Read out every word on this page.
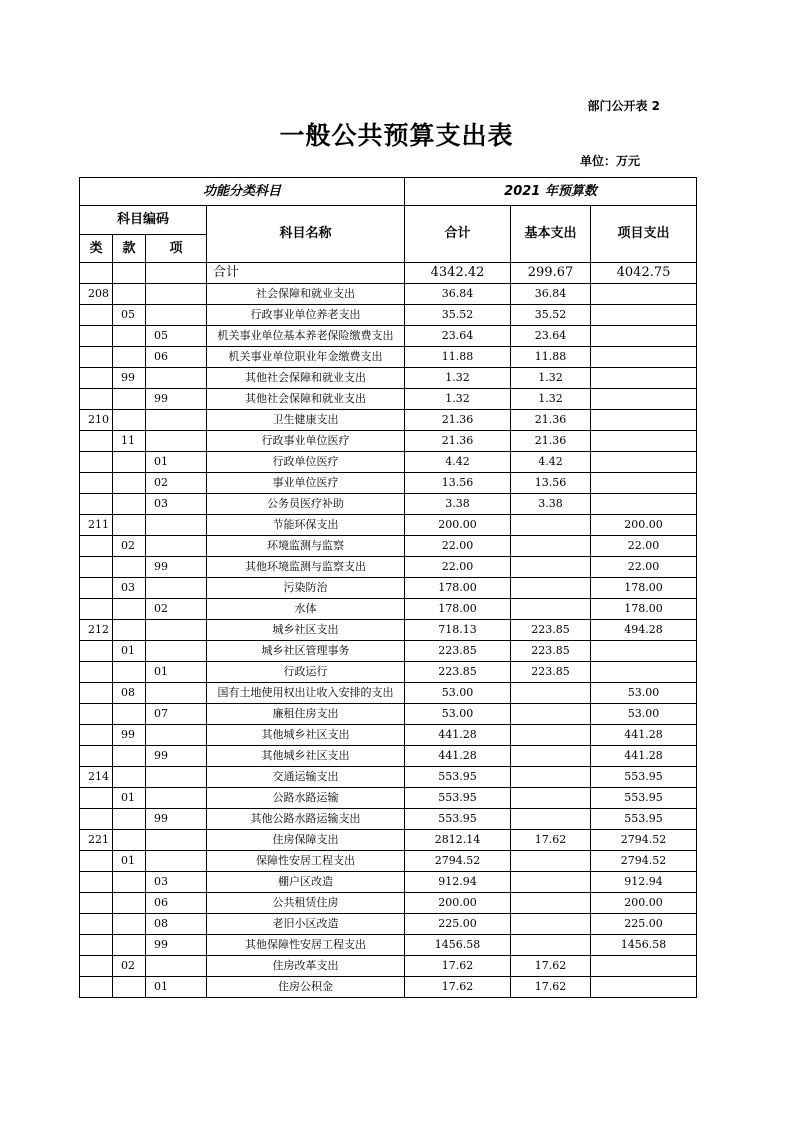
部门公开表 2
一般公共预算支出表
单位：万元
功能分类科目				2021 年预算数		
科目编码			科目名称	合计	基本支出	项目支出
类	款	项				
			合计	4342.42	299.67	4042.75
208			社会保障和就业支出	36.84	36.84	
	05		行政事业单位养老支出	35.52	35.52	
		05	机关事业单位基本养老保险缴费支出	23.64	23.64	
		06	机关事业单位职业年金缴费支出	11.88	11.88	
	99		其他社会保障和就业支出	1.32	1.32	
		99	其他社会保障和就业支出	1.32	1.32	
210			卫生健康支出	21.36	21.36	
	11		行政事业单位医疗	21.36	21.36	
		01	行政单位医疗	4.42	4.42	
		02	事业单位医疗	13.56	13.56	
		03	公务员医疗补助	3.38	3.38	
211			节能环保支出	200.00		200.00
	02		环境监测与监察	22.00		22.00
		99	其他环境监测与监察支出	22.00		22.00
	03		污染防治	178.00		178.00
		02	水体	178.00		178.00
212			城乡社区支出	718.13	223.85	494.28
	01		城乡社区管理事务	223.85	223.85	
		01	行政运行	223.85	223.85	
	08		国有土地使用权出让收入安排的支出	53.00		53.00
		07	廉租住房支出	53.00		53.00
	99		其他城乡社区支出	441.28		441.28
		99	其他城乡社区支出	441.28		441.28
214			交通运输支出	553.95		553.95
	01		公路水路运输	553.95		553.95
		99	其他公路水路运输支出	553.95		553.95
221			住房保障支出	2812.14	17.62	2794.52
	01		保障性安居工程支出	2794.52		2794.52
		03	棚户区改造	912.94		912.94
		06	公共租赁住房	200.00		200.00
		08	老旧小区改造	225.00		225.00
		99	其他保障性安居工程支出	1456.58		1456.58
	02		住房改革支出	17.62	17.62	
		01	住房公积金	17.62	17.62	
